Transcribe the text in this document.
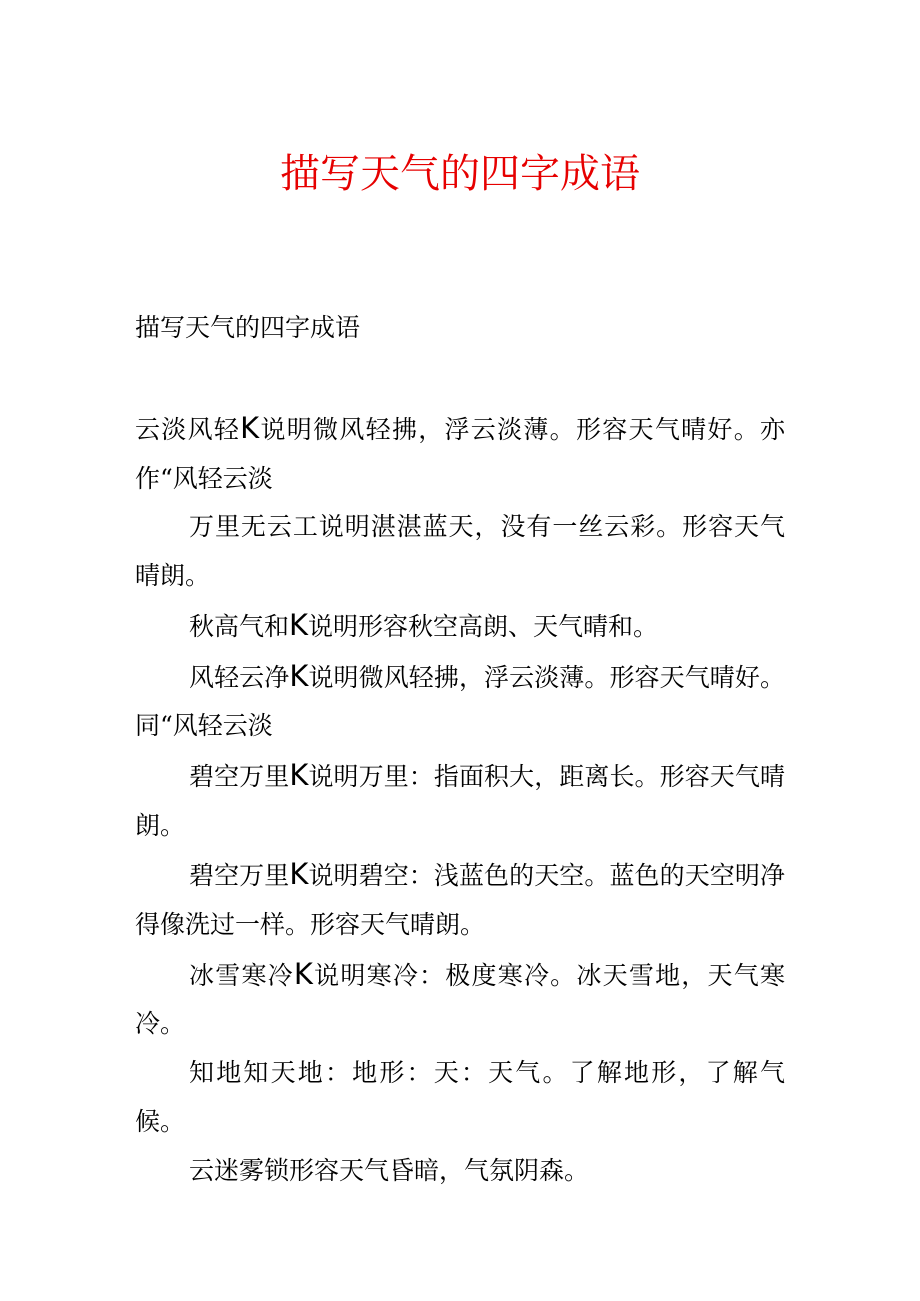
描写天气的四字成语
描写天气的四字成语

云淡风轻K说明微风轻拂，浮云淡薄。形容天气晴好。亦作“风轻云淡

万里无云工说明湛湛蓝天，没有一丝云彩。形容天气晴朗。

秋高气和K说明形容秋空高朗、天气晴和。

风轻云净K说明微风轻拂，浮云淡薄。形容天气晴好。同“风轻云淡

碧空万里K说明万里：指面积大，距离长。形容天气晴朗。

碧空万里K说明碧空：浅蓝色的天空。蓝色的天空明净得像洗过一样。形容天气晴朗。

冰雪寒冷K说明寒冷：极度寒冷。冰天雪地，天气寒冷。

知地知天地：地形：天：天气。了解地形，了解气候。

云迷雾锁形容天气昏暗，气氛阴森。
